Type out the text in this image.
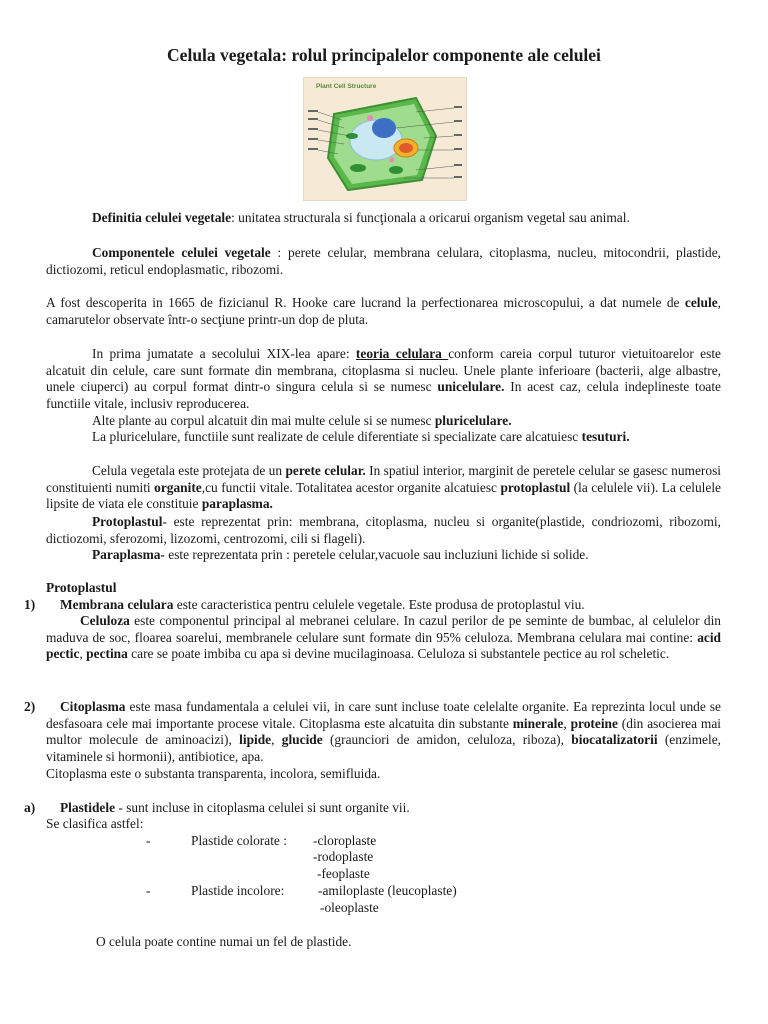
Celula vegetala: rolul principalelor componente ale celulei
Plant Cell Structure

Definitia celulei vegetale: unitatea structurala si funcţionala a oricarui organism vegetal sau animal.

Componentele celulei vegetale : perete celular, membrana celulara, citoplasma, nucleu, mitocondrii, plastide, dictiozomi, reticul endoplasmatic, ribozomi.

A fost descoperita in 1665 de fizicianul R. Hooke care lucrand la perfectionarea microscopului, a dat numele de celule, camarutelor observate într-o secţiune printr-un dop de pluta.

In prima jumatate a secolului XIX-lea apare: teoria celulara conform careia corpul tuturor vietuitoarelor este alcatuit din celule, care sunt formate din membrana, citoplasma si nucleu. Unele plante inferioare (bacterii, alge albastre, unele ciuperci) au corpul format dintr-o singura celula si se numesc unicelulare. In acest caz, celula indeplineste toate functiile vitale, inclusiv reproducerea.

Alte plante au corpul alcatuit din mai multe celule si se numesc pluricelulare.
La pluricelulare, functiile sunt realizate de celule diferentiate si specializate care alcatuiesc tesuturi.

Celula vegetala este protejata de un perete celular. In spatiul interior, marginit de peretele celular se gasesc numerosi constituienti numiti organite,cu functii vitale. Totalitatea acestor organite alcatuiesc protoplastul (la celulele vii). La celulele lipsite de viata ele constituie paraplasma.

Protoplastul- este reprezentat prin: membrana, citoplasma, nucleu si organite(plastide, condriozomi, ribozomi, dictiozomi, sferozomi, lizozomi, centrozomi, cili si flageli).

Paraplasma- este reprezentata prin : peretele celular,vacuole sau incluziuni lichide si solide.

Protoplastul
1) Membrana celulara este caracteristica pentru celulele vegetale. Este produsa de protoplastul viu.

Celuloza este componentul principal al mebranei celulare. In cazul perilor de pe seminte de bumbac, al celulelor din maduva de soc, floarea soarelui, membranele celulare sunt formate din 95% celuloza. Membrana celulara mai contine: acid pectic, pectina care se poate imbiba cu apa si devine mucilaginoasa. Celuloza si substantele pectice au rol scheletic.

2)	Citoplasma este masa fundamentala a celulei vii, in care sunt incluse toate celelalte organite. Ea reprezinta locul unde se desfasoara cele mai importante procese vitale. Citoplasma este alcatuita din substante minerale, proteine (din asocierea mai multor molecule de aminoacizi), lipide, glucide (graunciori de amidon, celuloza, riboza), biocatalizatorii (enzimele, vitaminele si hormonii), antibiotice, apa.

Citoplasma este o substanta transparenta, incolora, semifluida.
a) Plastidele - sunt incluse in citoplasma celulei si sunt organite vii.
Se clasifica astfel:
-	Plastide colorate : -cloroplaste
-rodoplaste
-feoplaste
-	Plastide incolore:	-amiloplaste (leucoplaste)
-oleoplaste
O celula poate contine numai un fel de plastide.
